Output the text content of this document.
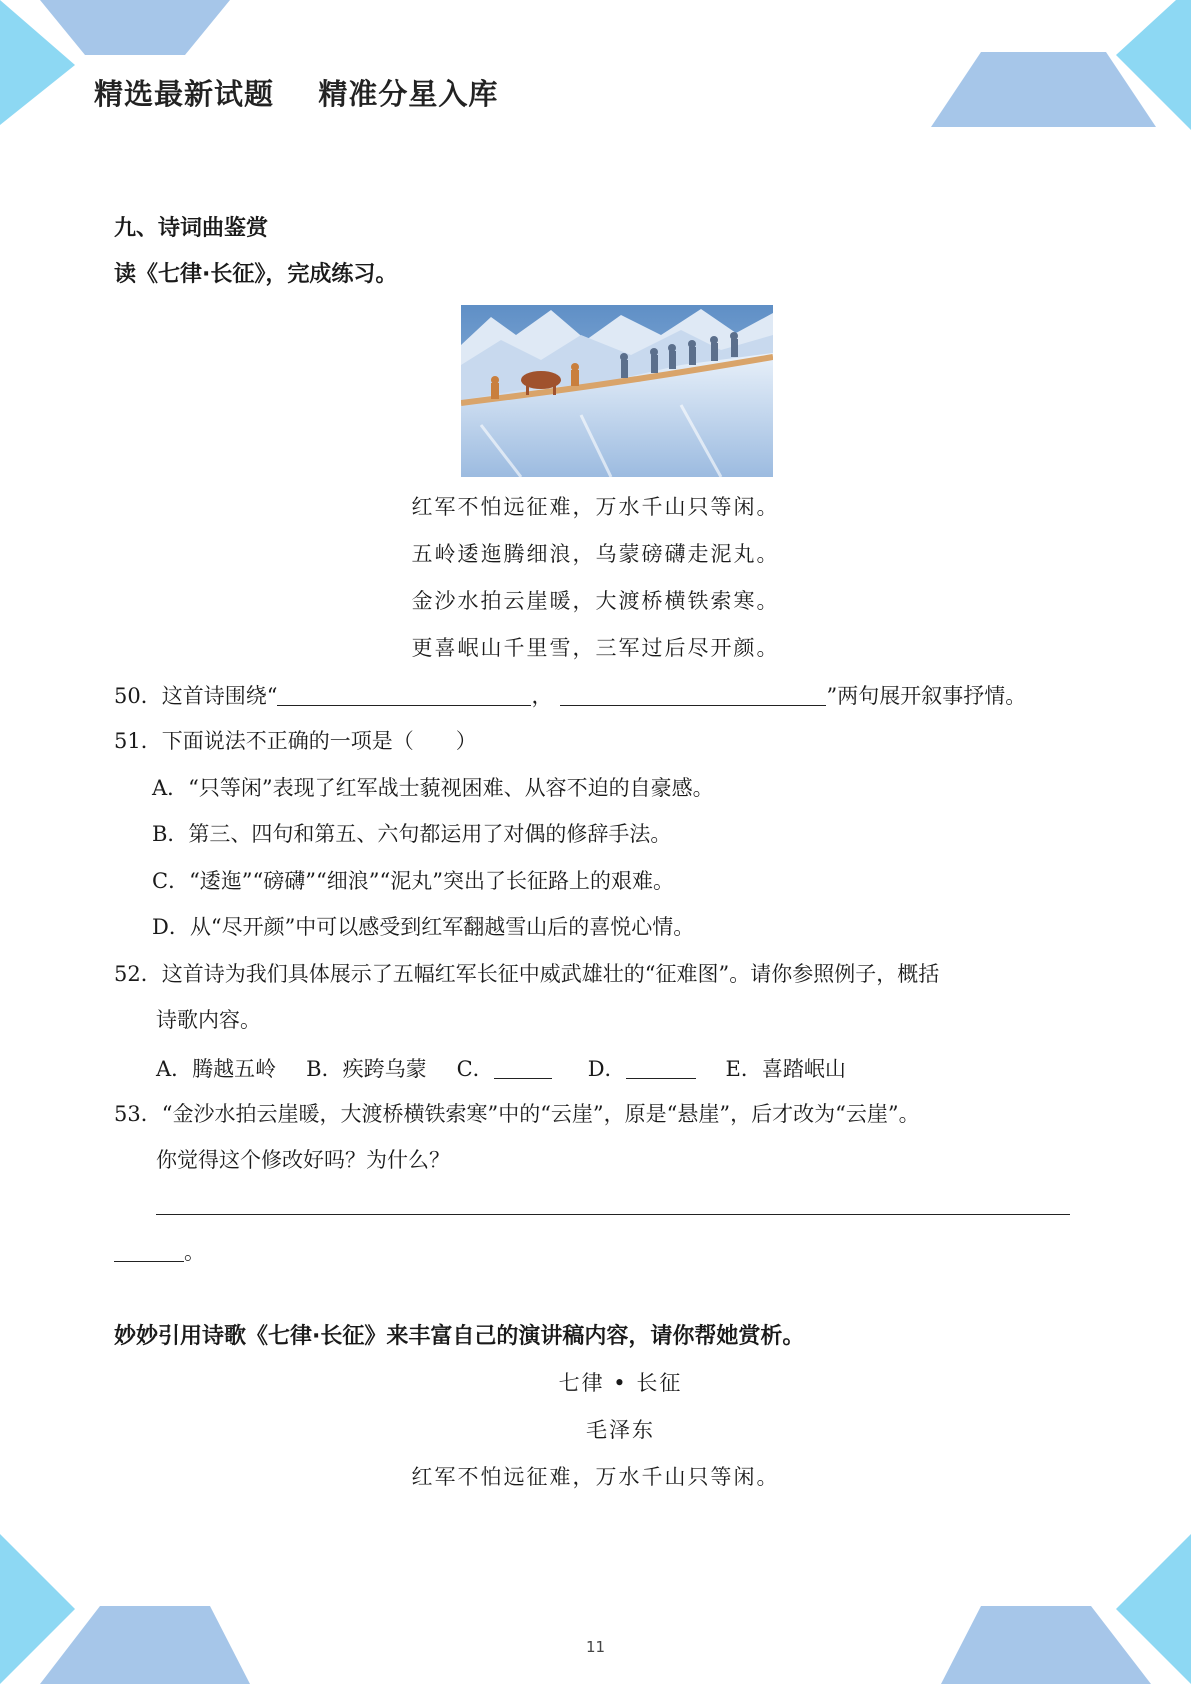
精选最新试题    精准分星入库
九、诗词曲鉴赏
读《七律·长征》，完成练习。
红军不怕远征难，万水千山只等闲。
五岭逶迤腾细浪，乌蒙磅礴走泥丸。
金沙水拍云崖暖，大渡桥横铁索寒。
更喜岷山千里雪，三军过后尽开颜。
50．这首诗围绕“	，	”两句展开叙事抒情。
51．下面说法不正确的一项是（　　）
A．“只等闲”表现了红军战士藐视困难、从容不迫的自豪感。
B．第三、四句和第五、六句都运用了对偶的修辞手法。
C．“逶迤”“磅礴”“细浪”“泥丸”突出了长征路上的艰难。
D．从“尽开颜”中可以感受到红军翻越雪山后的喜悦心情。
52．这首诗为我们具体展示了五幅红军长征中威武雄壮的“征难图”。请你参照例子，概括
诗歌内容。
A．腾越五岭 B．疾跨乌蒙 C．	D．	E．喜踏岷山
53．“金沙水拍云崖暖，大渡桥横铁索寒”中的“云崖”，原是“悬崖”，后才改为“云崖”。
你觉得这个修改好吗？为什么？
。
妙妙引用诗歌《七律·长征》来丰富自己的演讲稿内容，请你帮她赏析。
七律 • 长征
毛泽东
红军不怕远征难，万水千山只等闲。
11
